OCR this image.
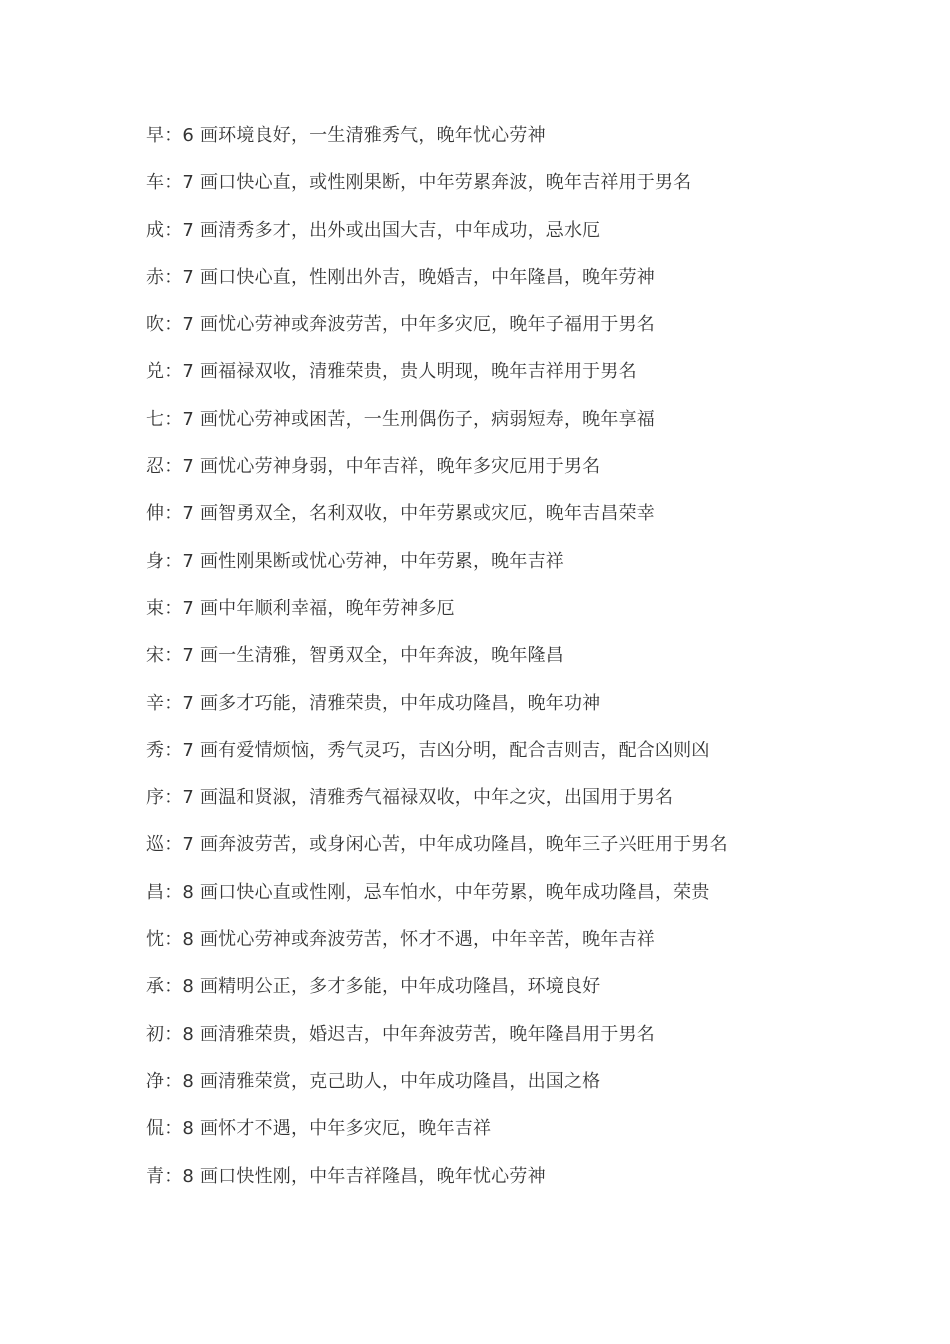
早：6 画环境良好，一生清雅秀气，晚年忧心劳神
车：7 画口快心直，或性刚果断，中年劳累奔波，晚年吉祥用于男名
成：7 画清秀多才，出外或出国大吉，中年成功，忌水厄
赤：7 画口快心直，性刚出外吉，晚婚吉，中年隆昌，晚年劳神
吹：7 画忧心劳神或奔波劳苦，中年多灾厄，晚年子福用于男名
兑：7 画福禄双收，清雅荣贵，贵人明现，晚年吉祥用于男名
七：7 画忧心劳神或困苦，一生刑偶伤子，病弱短寿，晚年享福
忍：7 画忧心劳神身弱，中年吉祥，晚年多灾厄用于男名
伸：7 画智勇双全，名利双收，中年劳累或灾厄，晚年吉昌荣幸
身：7 画性刚果断或忧心劳神，中年劳累，晚年吉祥
束：7 画中年顺利幸福，晚年劳神多厄
宋：7 画一生清雅，智勇双全，中年奔波，晚年隆昌
辛：7 画多才巧能，清雅荣贵，中年成功隆昌，晚年功神
秀：7 画有爱情烦恼，秀气灵巧，吉凶分明，配合吉则吉，配合凶则凶
序：7 画温和贤淑，清雅秀气福禄双收，中年之灾，出国用于男名
巡：7 画奔波劳苦，或身闲心苦，中年成功隆昌，晚年三子兴旺用于男名
昌：8 画口快心直或性刚，忌车怕水，中年劳累，晚年成功隆昌，荣贵
忱：8 画忧心劳神或奔波劳苦，怀才不遇，中年辛苦，晚年吉祥
承：8 画精明公正，多才多能，中年成功隆昌，环境良好
初：8 画清雅荣贵，婚迟吉，中年奔波劳苦，晚年隆昌用于男名
净：8 画清雅荣赏，克己助人，中年成功隆昌，出国之格
侃：8 画怀才不遇，中年多灾厄，晚年吉祥
青：8 画口快性刚，中年吉祥隆昌，晚年忧心劳神
